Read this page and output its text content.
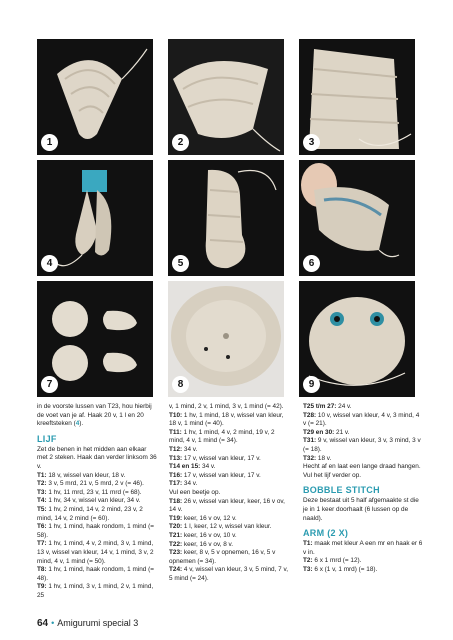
1	2	3
4	5	6
7	8	9

in de voorste lussen van T23, hou hierbij de voet van je af. Haak 20 v, 1 l en 20 kreeftsteken (4).

LIJF

Zet de benen in het midden aan elkaar met 2 steken. Haak dan verder linksom 36 v.

T1: 18 v, wissel van kleur, 18 v.

T2: 3 v, 5 mrd, 21 v, 5 mrd, 2 v (= 46).

T3: 1 hv, 11 mrd, 23 v, 11 mrd (= 68).

T4: 1 hv, 34 v, wissel van kleur, 34 v.

T5: 1 hv, 2 mind, 14 v, 2 mind, 23 v, 2 mind, 14 v, 2 mind (= 60).

T6: 1 hv, 1 mind, haak rondom, 1 mind (= 58).

T7: 1 hv, 1 mind, 4 v, 2 mind, 3 v, 1 mind, 13 v, wissel van kleur, 14 v, 1 mind, 3 v, 2 mind, 4 v, 1 mind (= 50).

T8: 1 hv, 1 mind, haak rondom, 1 mind (= 48).

T9: 1 hv, 1 mind, 3 v, 1 mind, 2 v, 1 mind, 25

v, 1 mind, 2 v, 1 mind, 3 v, 1 mind (= 42).

T10: 1 hv, 1 mind, 18 v, wissel van kleur, 18 v, 1 mind (= 40).

T11: 1 hv, 1 mind, 4 v, 2 mind, 19 v, 2 mind, 4 v, 1 mind (= 34).

T12: 34 v.

T13: 17 v, wissel van kleur, 17 v.

T14 en 15: 34 v.

T16: 17 v, wissel van kleur, 17 v.

T17: 34 v.

Vul een beetje op.

T18: 26 v, wissel van kleur, keer, 16 v ov, 14 v.

T19: keer, 16 v ov, 12 v.

T20: 1 l, keer, 12 v, wissel van kleur.

T21: keer, 16 v ov, 10 v.

T22: keer, 16 v ov, 8 v.

T23: keer, 8 v, 5 v opnemen, 16 v, 5 v opnemen (= 34).

T24: 4 v, wissel van kleur, 3 v, 5 mind, 7 v, 5 mind (= 24).

T25 t/m 27: 24 v.

T28: 10 v, wissel van kleur, 4 v, 3 mind, 4 v (= 21).

T29 en 30: 21 v.

T31: 9 v, wissel van kleur, 3 v, 3 mind, 3 v (= 18).

T32: 18 v.

Hecht af en laat een lange draad hangen. Vul het lijf verder op.

BOBBLE STITCH

Deze bestaat uit 5 half afgemaakte st die je in 1 keer doorhaalt (6 lussen op de naald).

ARM (2 X)

T1: maak met kleur A een mr en haak er 6 v in.

T2: 6 x 1 mrd (= 12).

T3: 6 x (1 v, 1 mrd) (= 18).

64 • Amigurumi special 3
